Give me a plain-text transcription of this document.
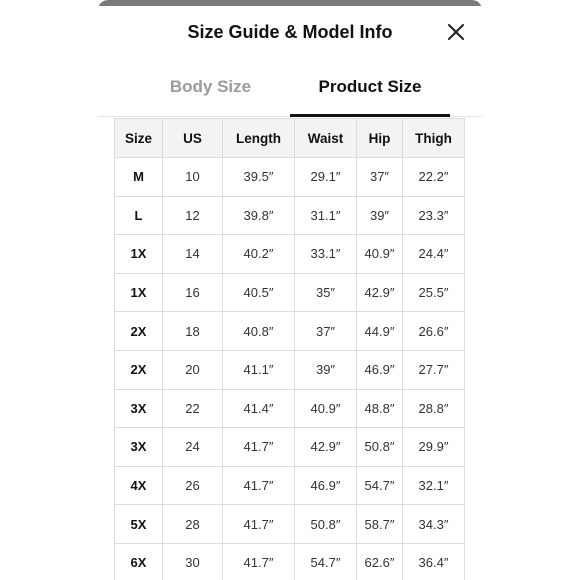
Size Guide & Model Info
Body Size	Product Size
Size	US	Length	Waist	Hip	Thigh
M	10	39.5″	29.1″	37″	22.2″
L	12	39.8″	31.1″	39″	23.3″
1X	14	40.2″	33.1″	40.9″	24.4″
1X	16	40.5″	35″	42.9″	25.5″
2X	18	40.8″	37″	44.9″	26.6″
2X	20	41.1″	39″	46.9″	27.7″
3X	22	41.4″	40.9″	48.8″	28.8″
3X	24	41.7″	42.9″	50.8″	29.9″
4X	26	41.7″	46.9″	54.7″	32.1″
5X	28	41.7″	50.8″	58.7″	34.3″
6X	30	41.7″	54.7″	62.6″	36.4″
